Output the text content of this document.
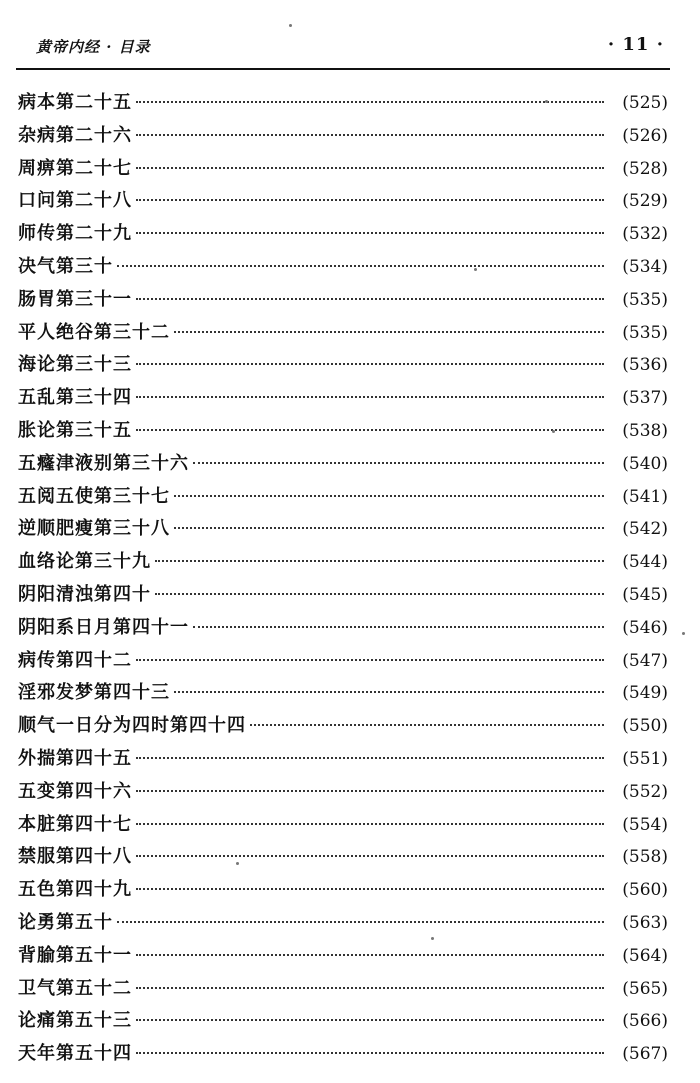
黄帝内经 · 目录	· 11 ·
病本第二十五	(525)
杂病第二十六	(526)
周痹第二十七	(528)
口问第二十八	(529)
师传第二十九	(532)
决气第三十	(534)
肠胃第三十一	(535)
平人绝谷第三十二	(535)
海论第三十三	(536)
五乱第三十四	(537)
胀论第三十五	(538)
五癃津液别第三十六	(540)
五阅五使第三十七	(541)
逆顺肥瘦第三十八	(542)
血络论第三十九	(544)
阴阳清浊第四十	(545)
阴阳系日月第四十一	(546)
病传第四十二	(547)
淫邪发梦第四十三	(549)
顺气一日分为四时第四十四	(550)
外揣第四十五	(551)
五变第四十六	(552)
本脏第四十七	(554)
禁服第四十八	(558)
五色第四十九	(560)
论勇第五十	(563)
背腧第五十一	(564)
卫气第五十二	(565)
论痛第五十三	(566)
天年第五十四	(567)
